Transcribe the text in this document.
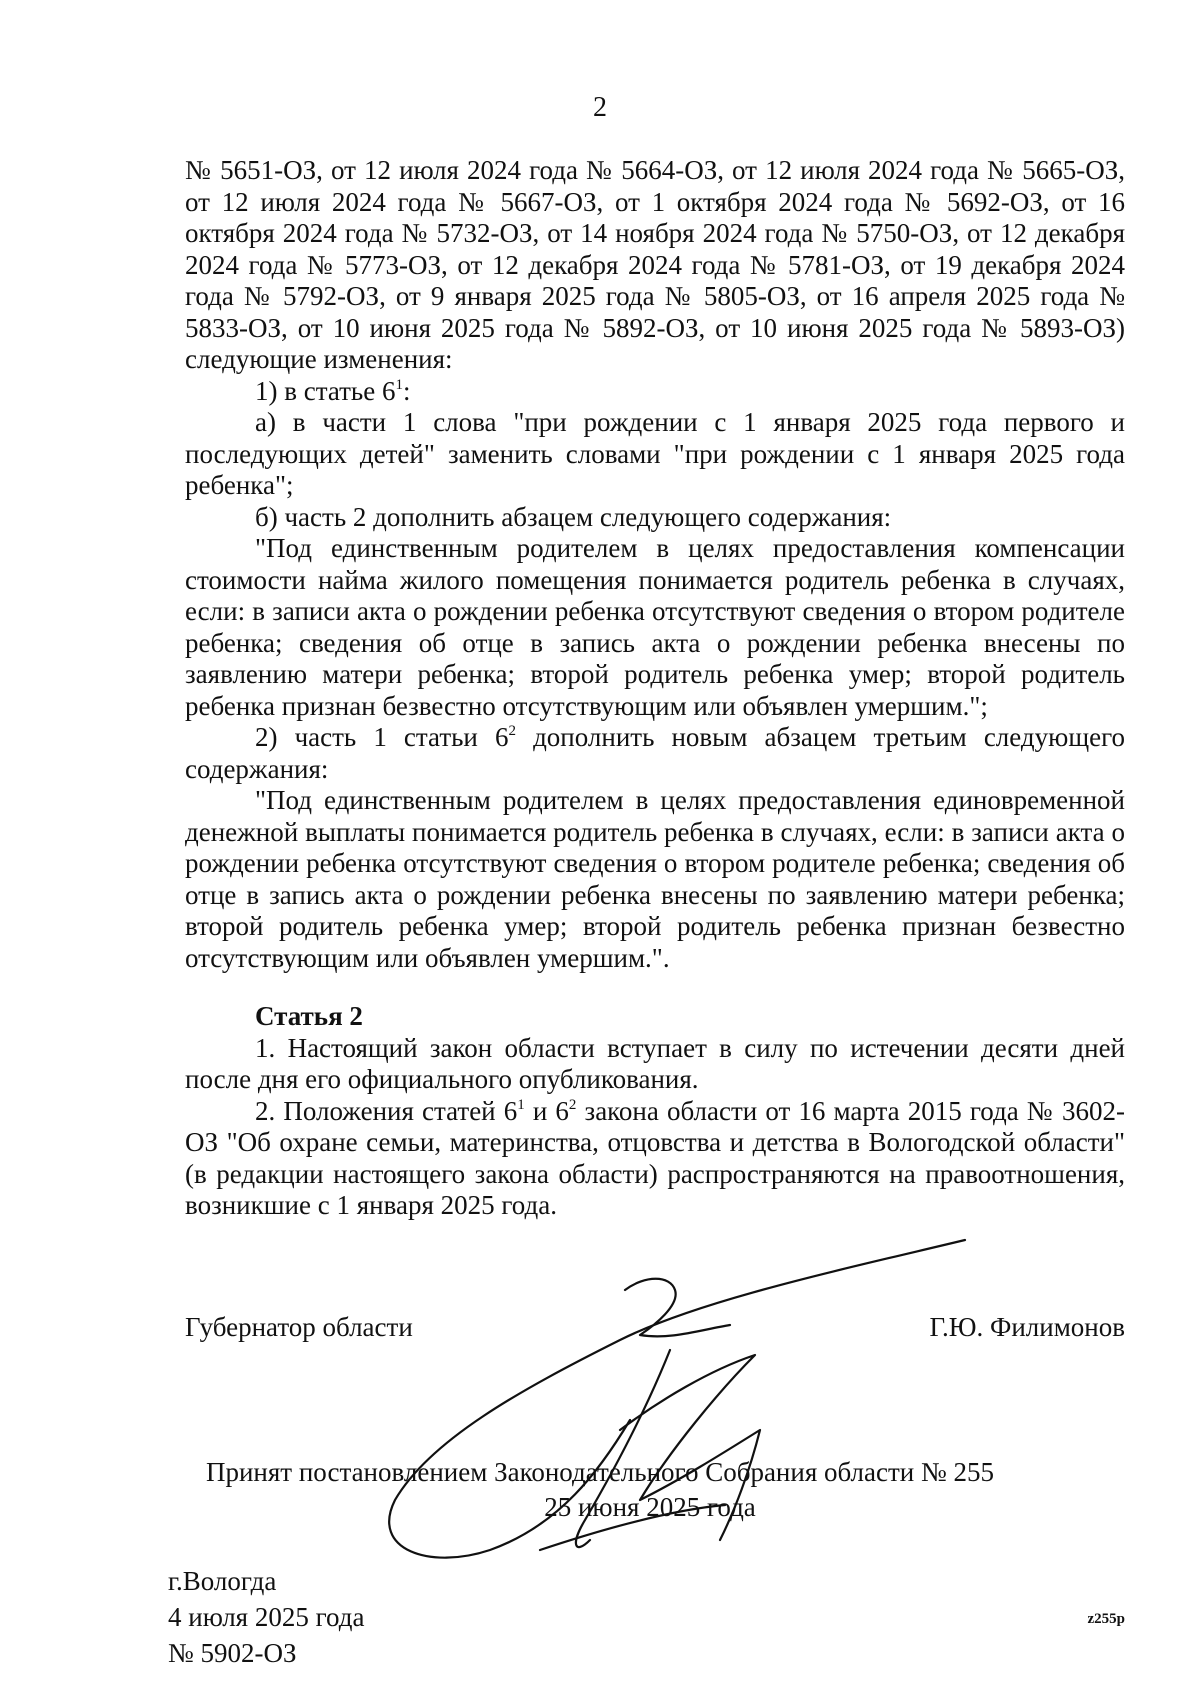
2

№ 5651-ОЗ, от 12 июля 2024 года № 5664-ОЗ, от 12 июля 2024 года № 5665-ОЗ, от 12 июля 2024 года № 5667-ОЗ, от 1 октября 2024 года № 5692-ОЗ, от 16 октября 2024 года № 5732-ОЗ, от 14 ноября 2024 года № 5750-ОЗ, от 12 декабря 2024 года № 5773-ОЗ, от 12 декабря 2024 года № 5781-ОЗ, от 19 декабря 2024 года № 5792-ОЗ, от 9 января 2025 года № 5805-ОЗ, от 16 апреля 2025 года № 5833-ОЗ, от 10 июня 2025 года № 5892-ОЗ, от 10 июня 2025 года № 5893-ОЗ) следующие изменения:

1) в статье $6^1$:

а) в части 1 слова "при рождении с 1 января 2025 года первого и последующих детей" заменить словами "при рождении с 1 января 2025 года ребенка";

б) часть 2 дополнить абзацем следующего содержания:

"Под единственным родителем в целях предоставления компенсации стоимости найма жилого помещения понимается родитель ребенка в случаях, если: в записи акта о рождении ребенка отсутствуют сведения о втором родителе ребенка; сведения об отце в запись акта о рождении ребенка внесены по заявлению матери ребенка; второй родитель ребенка умер; второй родитель ребенка признан безвестно отсутствующим или объявлен умершим.";

2) часть 1 статьи $6^2$ дополнить новым абзацем третьим следующего содержания:

"Под единственным родителем в целях предоставления единовременной денежной выплаты понимается родитель ребенка в случаях, если: в записи акта о рождении ребенка отсутствуют сведения о втором родителе ребенка; сведения об отце в запись акта о рождении ребенка внесены по заявлению матери ребенка; второй родитель ребенка умер; второй родитель ребенка признан безвестно отсутствующим или объявлен умершим.".

Статья 2

1. Настоящий закон области вступает в силу по истечении десяти дней после дня его официального опубликования.

2. Положения статей $6^1$ и $6^2$ закона области от 16 марта 2015 года № 3602-ОЗ "Об охране семьи, материнства, отцовства и детства в Вологодской области" (в редакции настоящего закона области) распространяются на правоотношения, возникшие с 1 января 2025 года.

Губернатор области	Г.Ю. Филимонов
Принят постановлением Законодательного Собрания области № 255
25 июня 2025 года
г.Вологда
4 июля 2025 года
№ 5902-ОЗ
z255p
